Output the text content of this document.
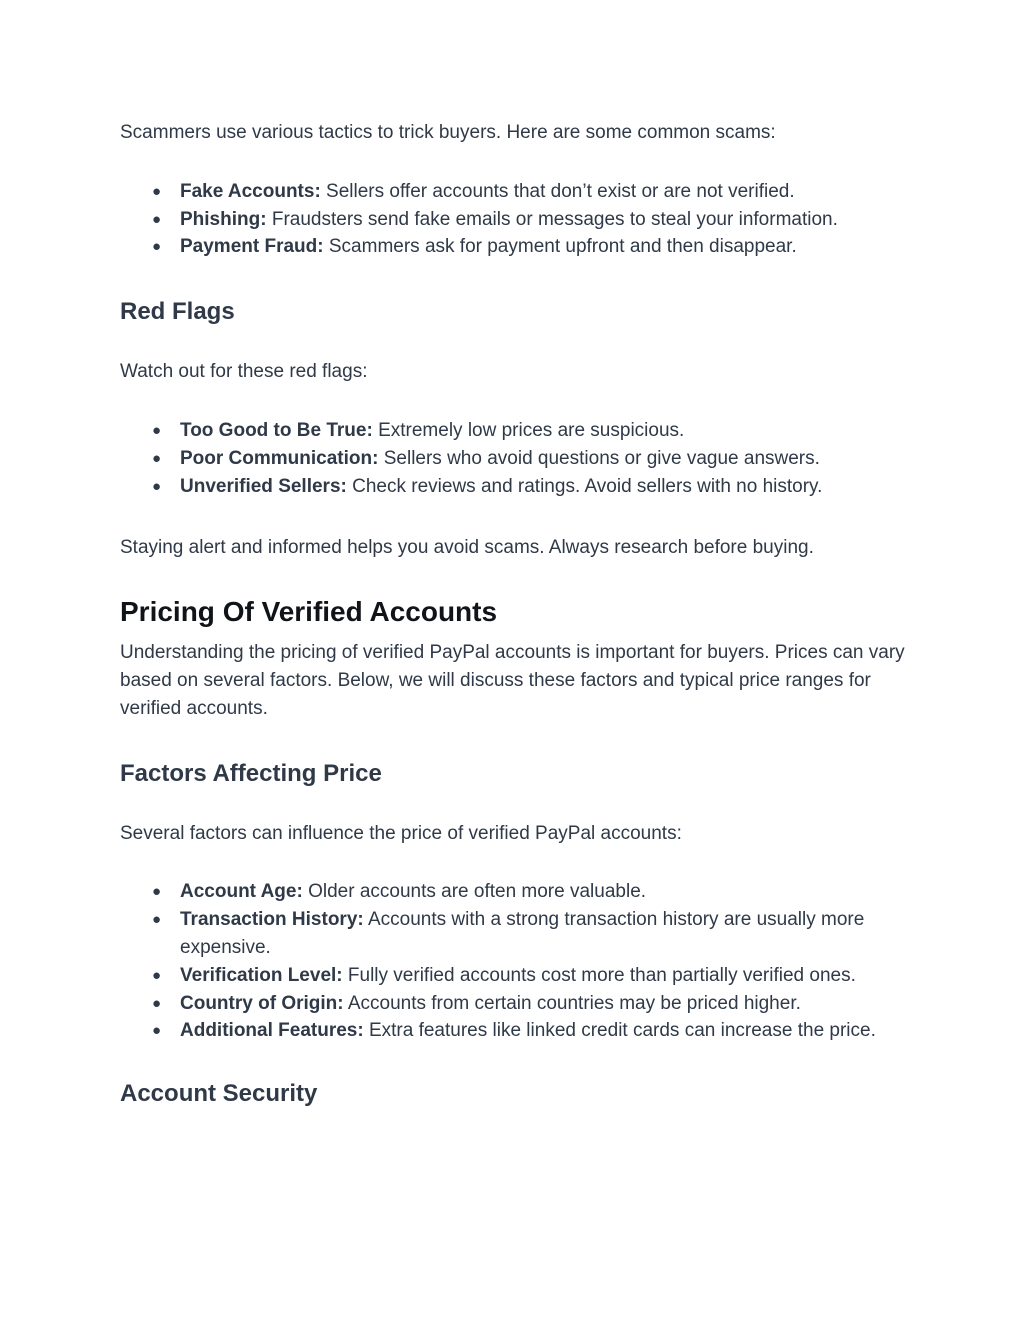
Scammers use various tactics to trick buyers. Here are some common scams:

● Fake Accounts: Sellers offer accounts that don’t exist or are not verified.
● Phishing: Fraudsters send fake emails or messages to steal your information.
● Payment Fraud: Scammers ask for payment upfront and then disappear.
Red Flags

Watch out for these red flags:

● Too Good to Be True: Extremely low prices are suspicious.
● Poor Communication: Sellers who avoid questions or give vague answers.
● Unverified Sellers: Check reviews and ratings. Avoid sellers with no history.

Staying alert and informed helps you avoid scams. Always research before buying.

Pricing Of Verified Accounts

Understanding the pricing of verified PayPal accounts is important for buyers. Prices can vary based on several factors. Below, we will discuss these factors and typical price ranges for verified accounts.

Factors Affecting Price

Several factors can influence the price of verified PayPal accounts:

● Account Age: Older accounts are often more valuable.
● Transaction History: Accounts with a strong transaction history are usually more expensive.
● Verification Level: Fully verified accounts cost more than partially verified ones.
● Country of Origin: Accounts from certain countries may be priced higher.
● Additional Features: Extra features like linked credit cards can increase the price.
Account Security
